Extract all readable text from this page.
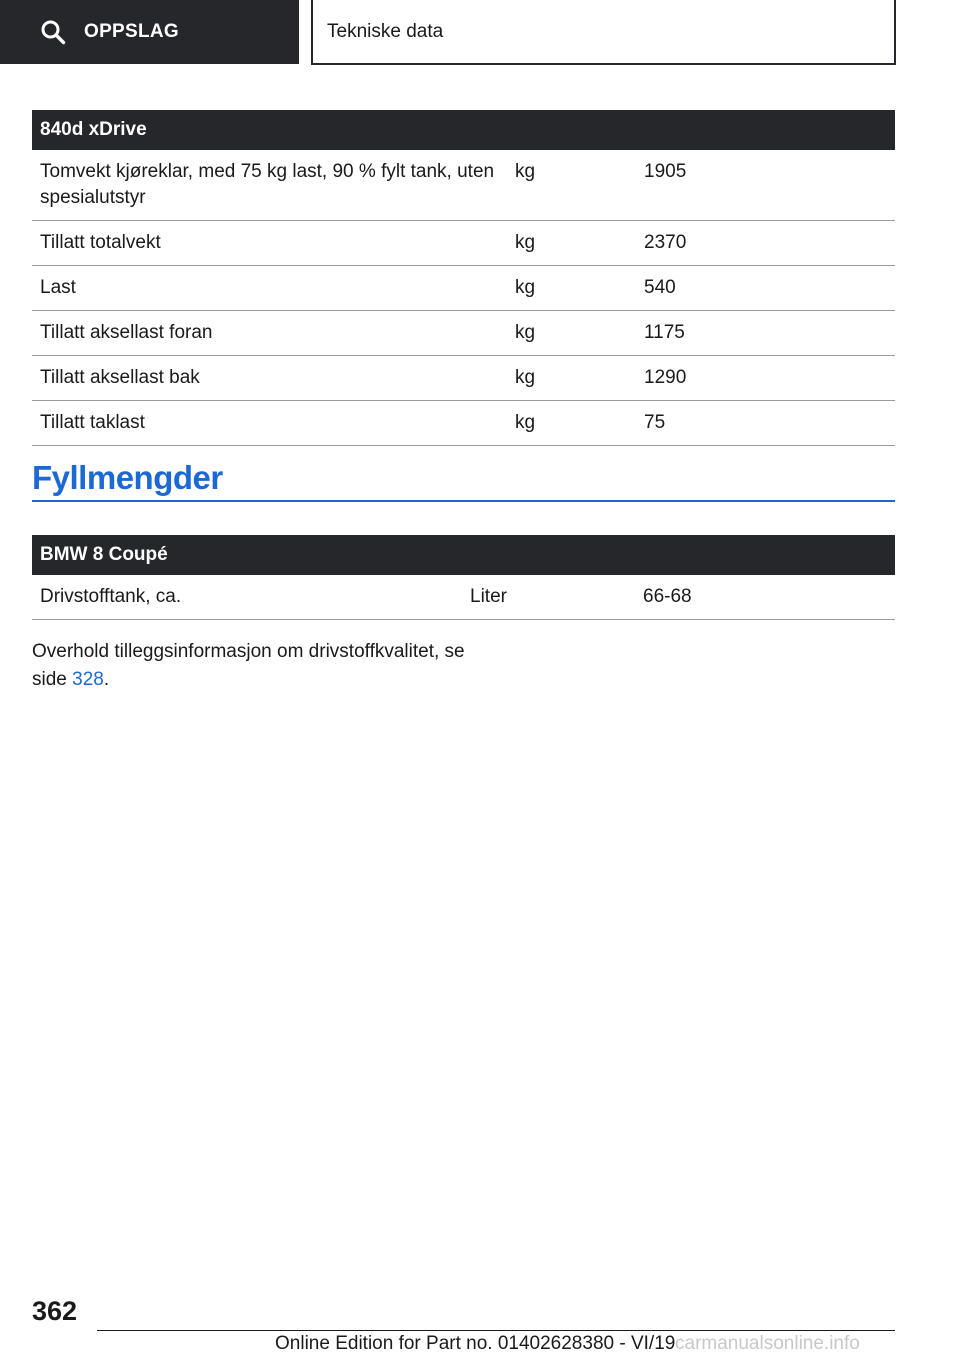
OPPSLAG	Tekniske data
840d xDrive		
Tomvekt kjøreklar, med 75 kg last, 90 % fylt tank, uten spesialutstyr	kg	1905
Tillatt totalvekt	kg	2370
Last	kg	540
Tillatt aksellast foran	kg	1175
Tillatt aksellast bak	kg	1290
Tillatt taklast	kg	75
Fyllmengder
BMW 8 Coupé
Drivstofftank, ca.	Liter	66-68

Overhold tilleggsinformasjon om drivstoffkvalitet, se side 328.

362
Online Edition for Part no. 01402628380 - VI/19 carmanualsonline.info
